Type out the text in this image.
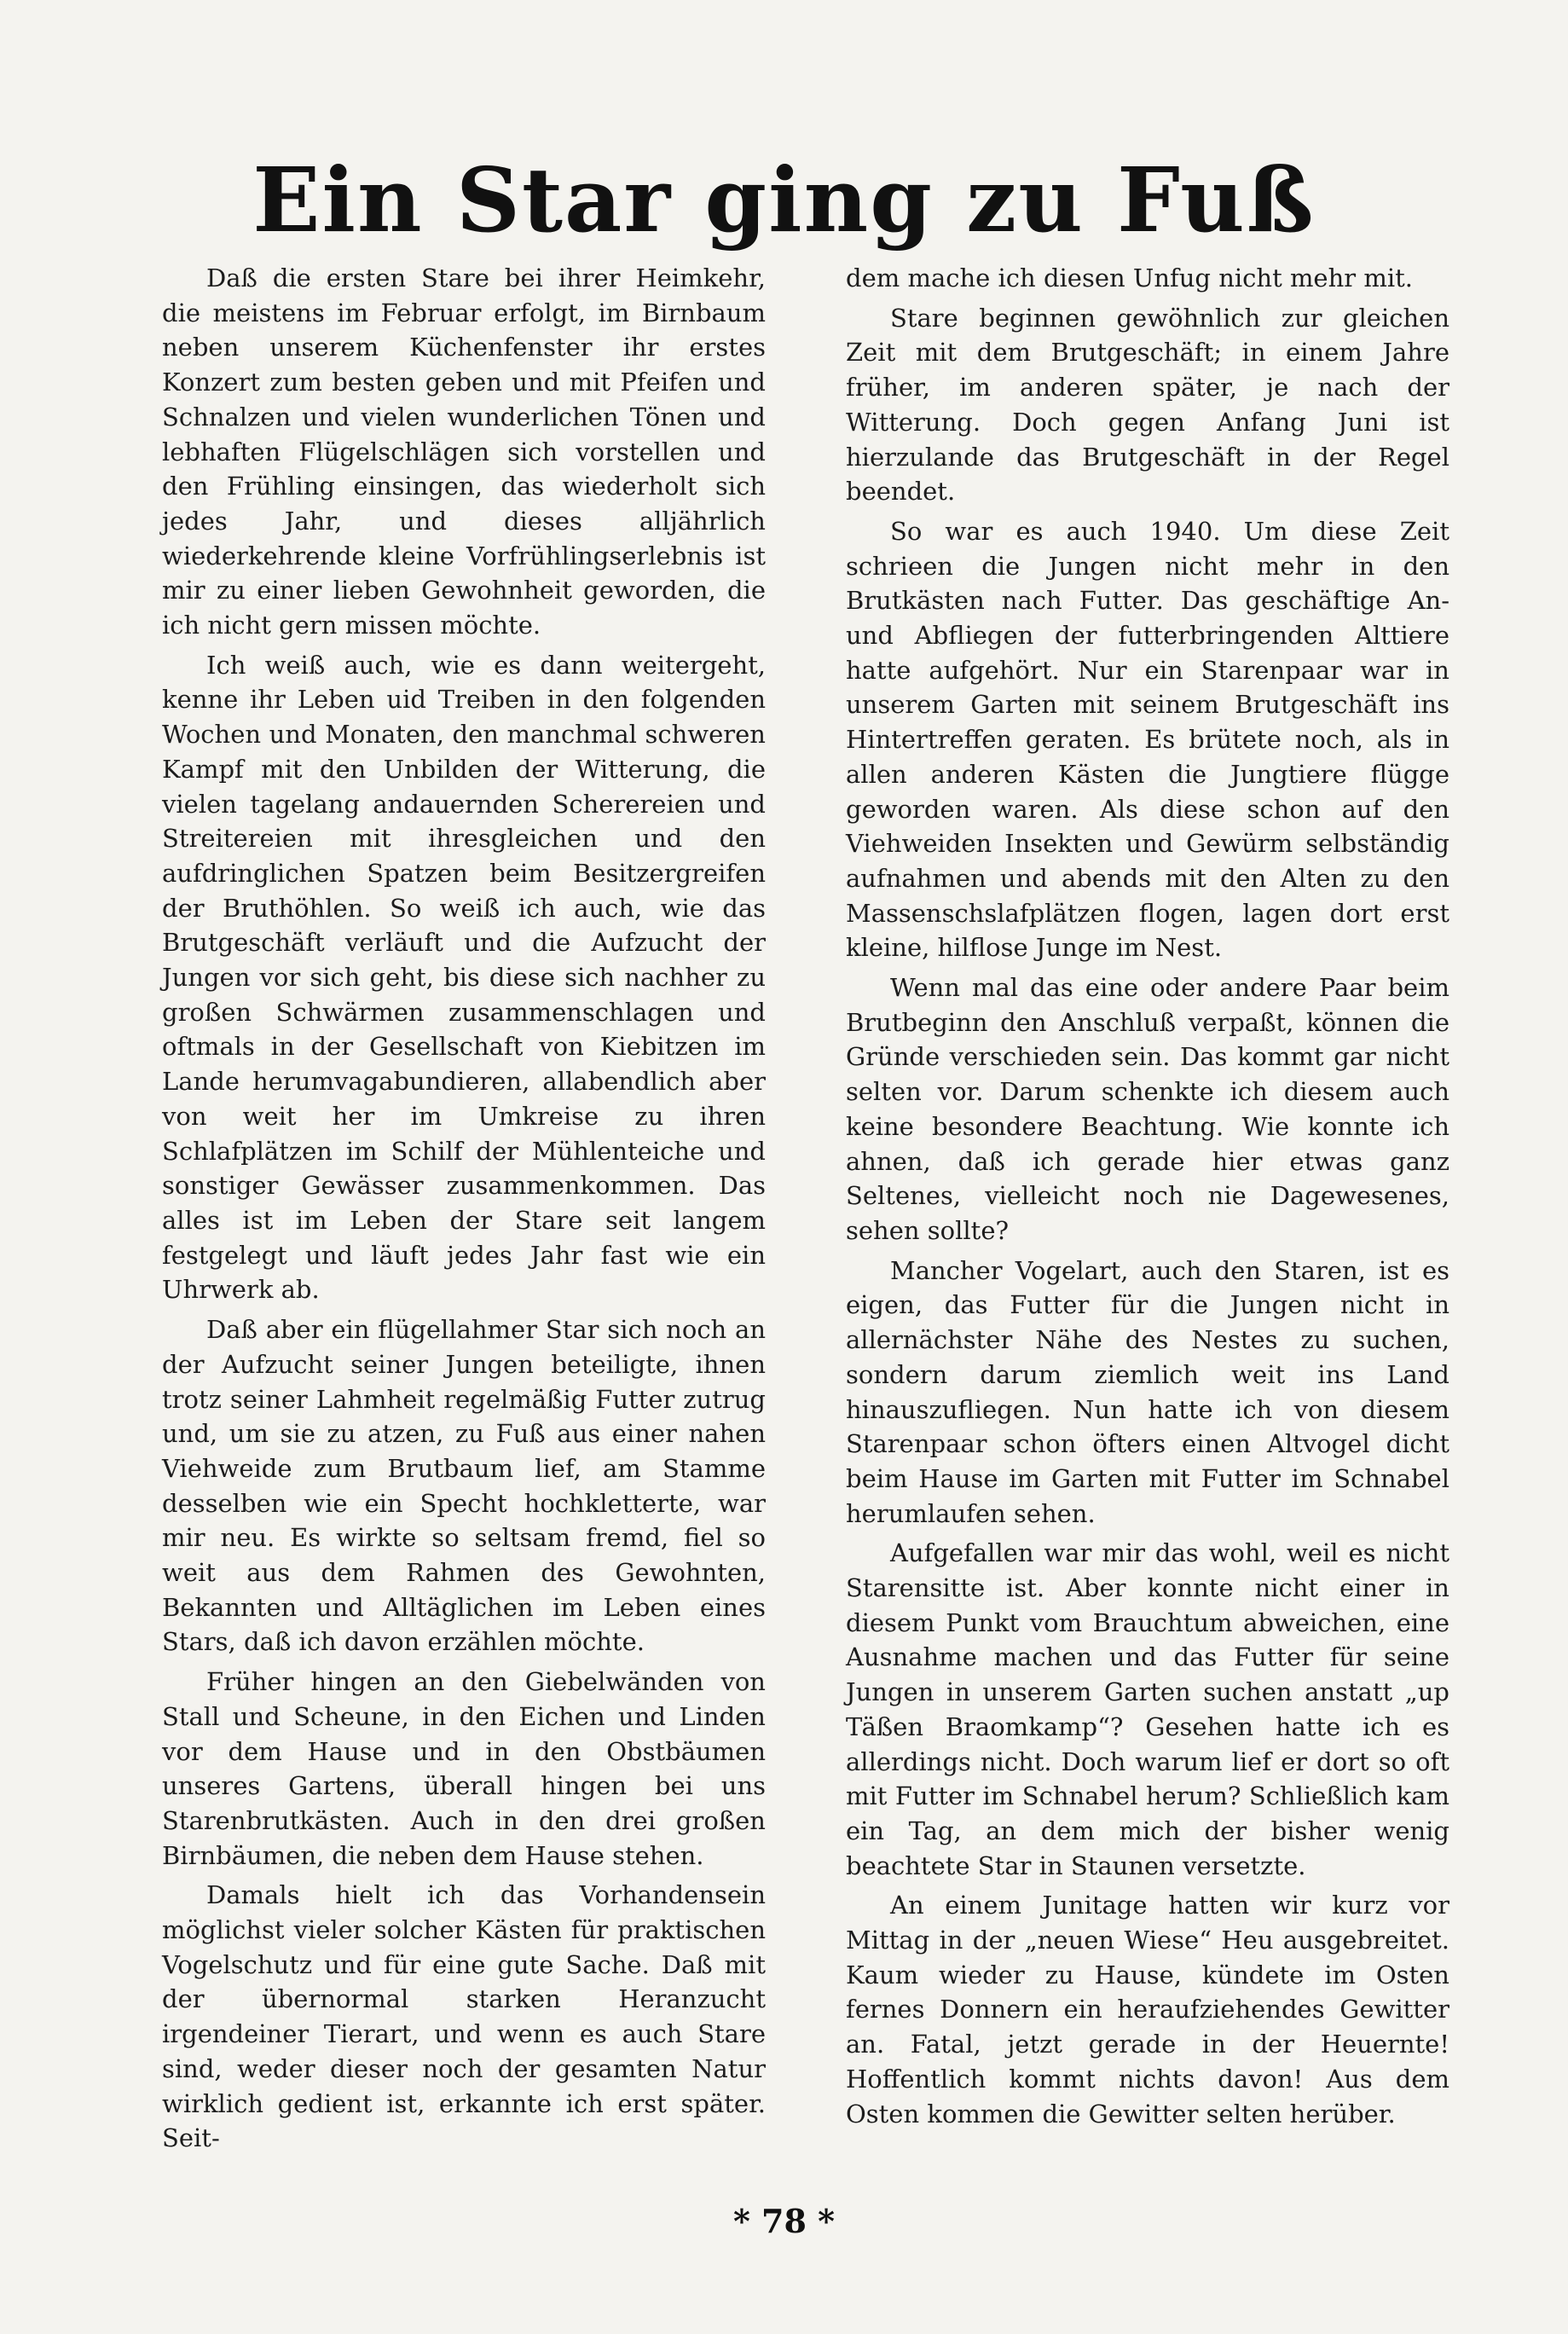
Ein Star ging zu Fuß

Daß die ersten Stare bei ihrer Heimkehr, die meistens im Februar erfolgt, im Birnbaum neben unserem Küchenfenster ihr erstes Konzert zum besten geben und mit Pfeifen und Schnalzen und vielen wunderlichen Tönen und lebhaften Flügelschlägen sich vorstellen und den Frühling einsingen, das wiederholt sich jedes Jahr, und dieses alljährlich wiederkehrende kleine Vorfrühlingserlebnis ist mir zu einer lieben Gewohnheit geworden, die ich nicht gern missen möchte.

Ich weiß auch, wie es dann weitergeht, kenne ihr Leben uid Treiben in den folgenden Wochen und Monaten, den manchmal schweren Kampf mit den Unbilden der Witterung, die vielen tagelang andauernden Scherereien und Streitereien mit ihresgleichen und den aufdringlichen Spatzen beim Besitzergreifen der Bruthöhlen. So weiß ich auch, wie das Brutgeschäft verläuft und die Aufzucht der Jungen vor sich geht, bis diese sich nachher zu großen Schwärmen zusammenschlagen und oftmals in der Gesellschaft von Kiebitzen im Lande herumvagabundieren, allabendlich aber von weit her im Umkreise zu ihren Schlafplätzen im Schilf der Mühlenteiche und sonstiger Gewässer zusammenkommen. Das alles ist im Leben der Stare seit langem festgelegt und läuft jedes Jahr fast wie ein Uhrwerk ab.

Daß aber ein flügellahmer Star sich noch an der Aufzucht seiner Jungen beteiligte, ihnen trotz seiner Lahmheit regelmäßig Futter zutrug und, um sie zu atzen, zu Fuß aus einer nahen Viehweide zum Brutbaum lief, am Stamme desselben wie ein Specht hochkletterte, war mir neu. Es wirkte so seltsam fremd, fiel so weit aus dem Rahmen des Gewohnten, Bekannten und Alltäglichen im Leben eines Stars, daß ich davon erzählen möchte.

Früher hingen an den Giebelwänden von Stall und Scheune, in den Eichen und Linden vor dem Hause und in den Obstbäumen unseres Gartens, überall hingen bei uns Starenbrutkästen. Auch in den drei großen Birnbäumen, die neben dem Hause stehen.

Damals hielt ich das Vorhandensein möglichst vieler solcher Kästen für praktischen Vogelschutz und für eine gute Sache. Daß mit der übernormal starken Heranzucht irgendeiner Tierart, und wenn es auch Stare sind, weder dieser noch der gesamten Natur wirklich gedient ist, erkannte ich erst später. Seit-

dem mache ich diesen Unfug nicht mehr mit.

Stare beginnen gewöhnlich zur gleichen Zeit mit dem Brutgeschäft; in einem Jahre früher, im anderen später, je nach der Witterung. Doch gegen Anfang Juni ist hierzulande das Brutgeschäft in der Regel beendet.

So war es auch 1940. Um diese Zeit schrieen die Jungen nicht mehr in den Brutkästen nach Futter. Das geschäftige An- und Abfliegen der futterbringenden Alttiere hatte aufgehört. Nur ein Starenpaar war in unserem Garten mit seinem Brutgeschäft ins Hintertreffen geraten. Es brütete noch, als in allen anderen Kästen die Jungtiere flügge geworden waren. Als diese schon auf den Viehweiden Insekten und Gewürm selbständig aufnahmen und abends mit den Alten zu den Massenschslafplätzen flogen, lagen dort erst kleine, hilflose Junge im Nest.

Wenn mal das eine oder andere Paar beim Brutbeginn den Anschluß verpaßt, können die Gründe verschieden sein. Das kommt gar nicht selten vor. Darum schenkte ich diesem auch keine besondere Beachtung. Wie konnte ich ahnen, daß ich gerade hier etwas ganz Seltenes, vielleicht noch nie Dagewesenes, sehen sollte?

Mancher Vogelart, auch den Staren, ist es eigen, das Futter für die Jungen nicht in allernächster Nähe des Nestes zu suchen, sondern darum ziemlich weit ins Land hinauszufliegen. Nun hatte ich von diesem Starenpaar schon öfters einen Altvogel dicht beim Hause im Garten mit Futter im Schnabel herumlaufen sehen.

Aufgefallen war mir das wohl, weil es nicht Starensitte ist. Aber konnte nicht einer in diesem Punkt vom Brauchtum abweichen, eine Ausnahme machen und das Futter für seine Jungen in unserem Garten suchen anstatt „up Täßen Braomkamp“? Gesehen hatte ich es allerdings nicht. Doch warum lief er dort so oft mit Futter im Schnabel herum? Schließlich kam ein Tag, an dem mich der bisher wenig beachtete Star in Staunen versetzte.

An einem Junitage hatten wir kurz vor Mittag in der „neuen Wiese“ Heu ausgebreitet. Kaum wieder zu Hause, kündete im Osten fernes Donnern ein heraufziehendes Gewitter an. Fatal, jetzt gerade in der Heuernte! Hoffentlich kommt nichts davon! Aus dem Osten kommen die Gewitter selten herüber.

* 78 *
